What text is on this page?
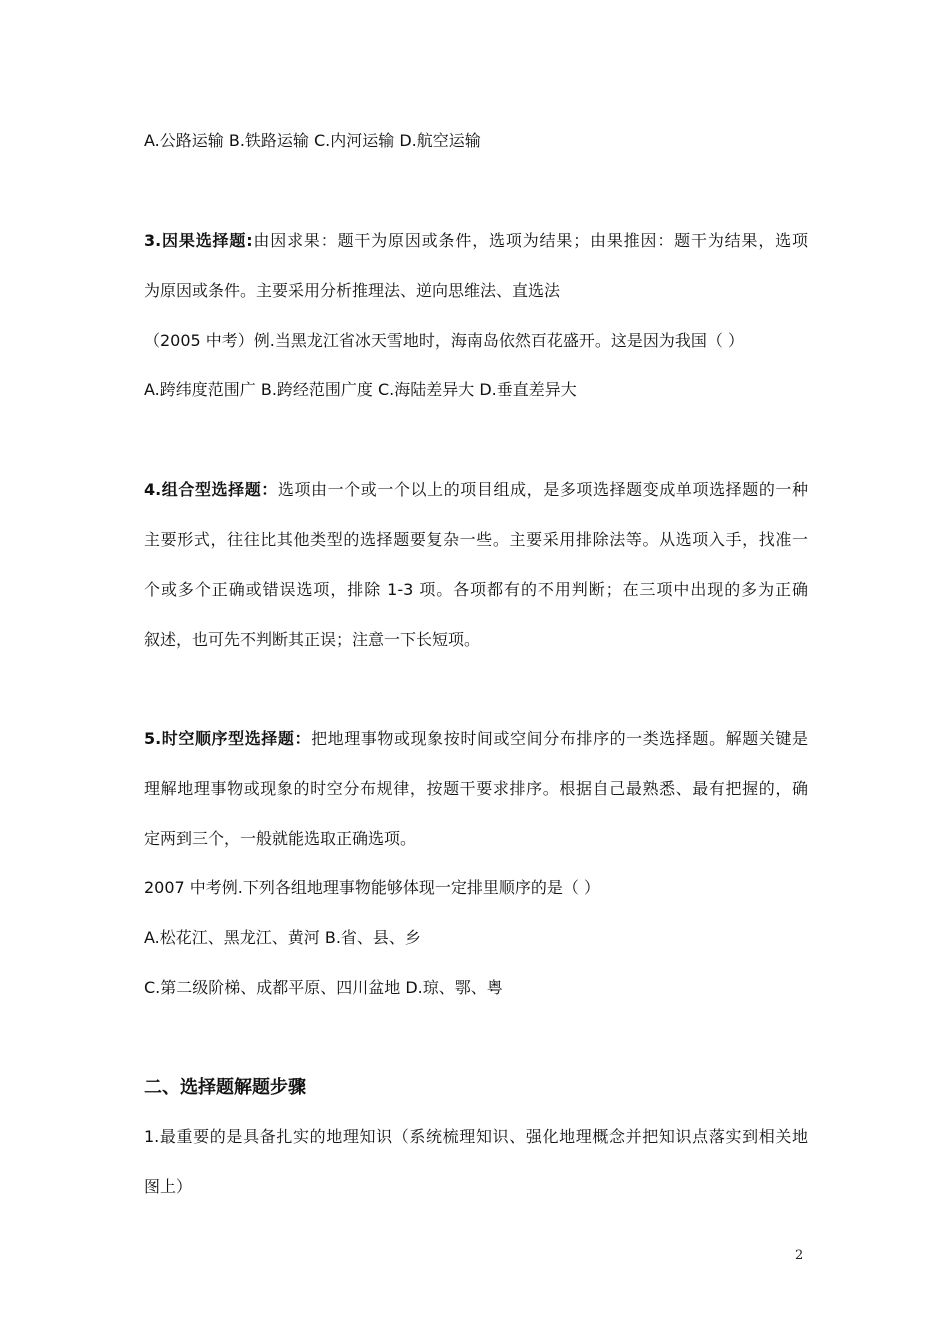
A.公路运输 B.铁路运输 C.内河运输 D.航空运输
3.因果选择题:由因求果：题干为原因或条件，选项为结果；由果推因：题干为结果，选项
为原因或条件。主要采用分析推理法、逆向思维法、直选法
（2005 中考）例.当黑龙江省冰天雪地时，海南岛依然百花盛开。这是因为我国（ ）
A.跨纬度范围广 B.跨经范围广度 C.海陆差异大 D.垂直差异大
4.组合型选择题：选项由一个或一个以上的项目组成，是多项选择题变成单项选择题的一种
主要形式，往往比其他类型的选择题要复杂一些。主要采用排除法等。从选项入手，找准一
个或多个正确或错误选项，排除 1-3 项。各项都有的不用判断；在三项中出现的多为正确
叙述，也可先不判断其正误；注意一下长短项。
5.时空顺序型选择题：把地理事物或现象按时间或空间分布排序的一类选择题。解题关键是
理解地理事物或现象的时空分布规律，按题干要求排序。根据自己最熟悉、最有把握的，确
定两到三个，一般就能选取正确选项。
2007 中考例.下列各组地理事物能够体现一定排里顺序的是（ ）
A.松花江、黑龙江、黄河 B.省、县、乡
C.第二级阶梯、成都平原、四川盆地 D.琼、鄂、粤
二、选择题解题步骤
1.最重要的是具备扎实的地理知识（系统梳理知识、强化地理概念并把知识点落实到相关地
图上）
2
